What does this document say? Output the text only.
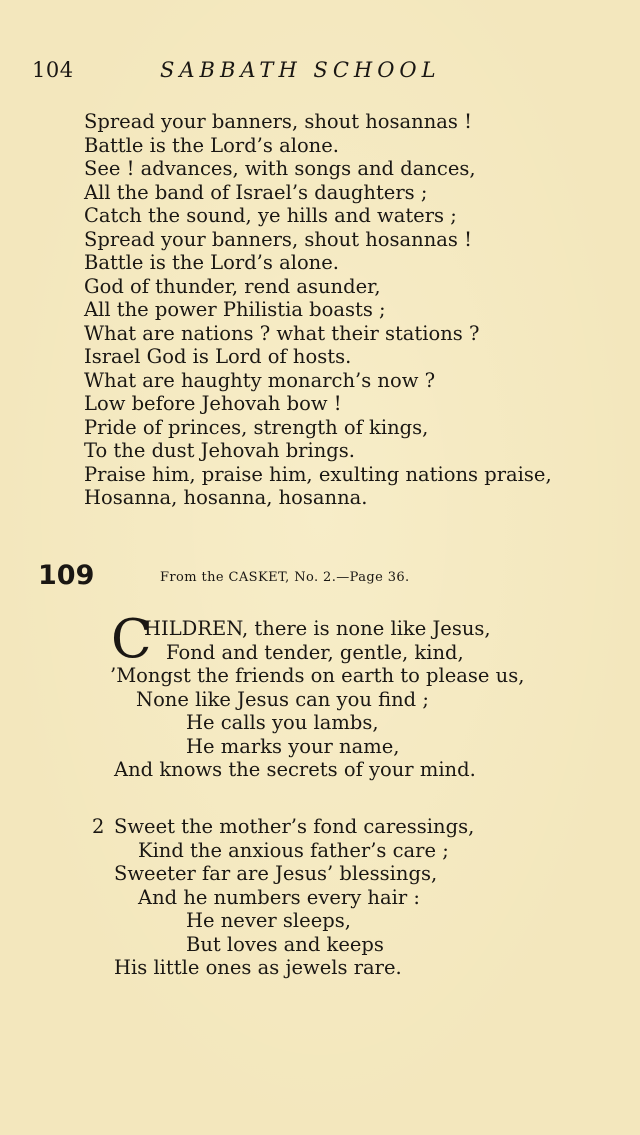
104	SABBATH SCHOOL
Spread your banners, shout hosannas !
Battle is the Lord’s alone.
See ! advances, with songs and dances,
All the band of Israel’s daughters ;
Catch the sound, ye hills and waters ;
Spread your banners, shout hosannas !
Battle is the Lord’s alone.
God of thunder, rend asunder,
All the power Philistia boasts ;
What are nations ? what their stations ?
Israel God is Lord of hosts.
What are haughty monarch’s now ?
Low before Jehovah bow !
Pride of princes, strength of kings,
To the dust Jehovah brings.
Praise him, praise him, exulting nations praise,
Hosanna, hosanna, hosanna.
109	From the CASKET, No. 2.—Page 36.
C
HILDREN, there is none like Jesus,
Fond and tender, gentle, kind,
’Mongst the friends on earth to please us,
None like Jesus can you find ;
He calls you lambs,
He marks your name,
And knows the secrets of your mind.
2 Sweet the mother’s fond caressings,
Kind the anxious father’s care ;
Sweeter far are Jesus’ blessings,
And he numbers every hair :
He never sleeps,
But loves and keeps
His little ones as jewels rare.
